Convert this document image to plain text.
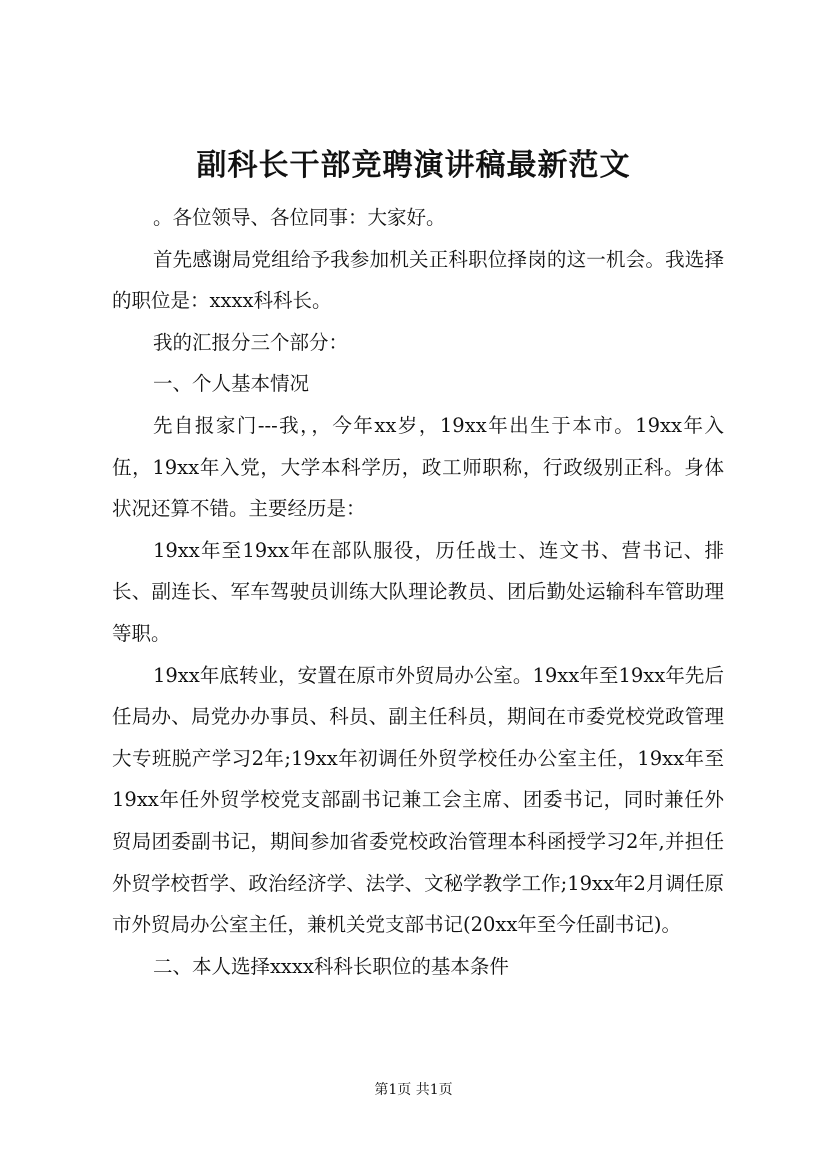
副科长干部竞聘演讲稿最新范文

。各位领导、各位同事：大家好。

首先感谢局党组给予我参加机关正科职位择岗的这一机会。我选择的职位是：xxxx科科长。

我的汇报分三个部分：

一、个人基本情况

先自报家门---我，，今年xx岁，19xx年出生于本市。19xx年入伍，19xx年入党，大学本科学历，政工师职称，行政级别正科。身体状况还算不错。主要经历是：

19xx年至19xx年在部队服役，历任战士、连文书、营书记、排长、副连长、军车驾驶员训练大队理论教员、团后勤处运输科车管助理等职。

19xx年底转业，安置在原市外贸局办公室。19xx年至19xx年先后任局办、局党办办事员、科员、副主任科员，期间在市委党校党政管理大专班脱产学习2年;19xx年初调任外贸学校任办公室主任，19xx年至19xx年任外贸学校党支部副书记兼工会主席、团委书记，同时兼任外贸局团委副书记，期间参加省委党校政治管理本科函授学习2年,并担任外贸学校哲学、政治经济学、法学、文秘学教学工作;19xx年2月调任原市外贸局办公室主任，兼机关党支部书记(20xx年至今任副书记)。

二、本人选择xxxx科科长职位的基本条件

第1页 共1页
